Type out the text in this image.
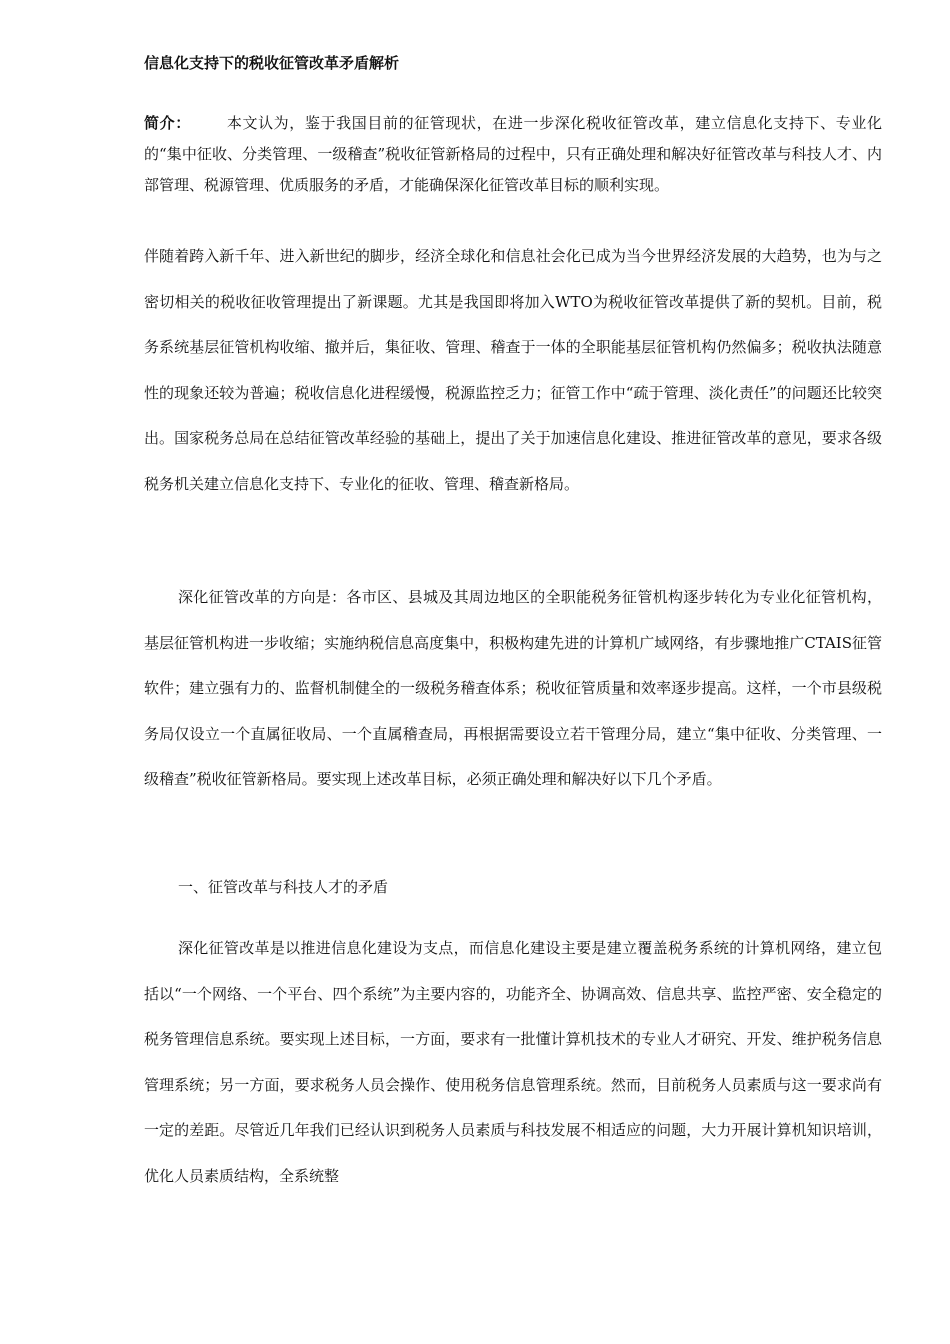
信息化支持下的税收征管改革矛盾解析

简介： 本文认为，鉴于我国目前的征管现状，在进一步深化税收征管改革，建立信息化支持下、专业化的“集中征收、分类管理、一级稽查”税收征管新格局的过程中，只有正确处理和解决好征管改革与科技人才、内部管理、税源管理、优质服务的矛盾，才能确保深化征管改革目标的顺利实现。

伴随着跨入新千年、进入新世纪的脚步，经济全球化和信息社会化已成为当今世界经济发展的大趋势，也为与之密切相关的税收征收管理提出了新课题。尤其是我国即将加入WTO为税收征管改革提供了新的契机。目前，税务系统基层征管机构收缩、撤并后，集征收、管理、稽查于一体的全职能基层征管机构仍然偏多；税收执法随意性的现象还较为普遍；税收信息化进程缓慢，税源监控乏力；征管工作中“疏于管理、淡化责任”的问题还比较突出。国家税务总局在总结征管改革经验的基础上，提出了关于加速信息化建设、推进征管改革的意见，要求各级税务机关建立信息化支持下、专业化的征收、管理、稽查新格局。

深化征管改革的方向是：各市区、县城及其周边地区的全职能税务征管机构逐步转化为专业化征管机构，基层征管机构进一步收缩；实施纳税信息高度集中，积极构建先进的计算机广域网络，有步骤地推广CTAIS征管软件；建立强有力的、监督机制健全的一级税务稽查体系；税收征管质量和效率逐步提高。这样，一个市县级税务局仅设立一个直属征收局、一个直属稽查局，再根据需要设立若干管理分局，建立“集中征收、分类管理、一级稽查”税收征管新格局。要实现上述改革目标，必须正确处理和解决好以下几个矛盾。

一、征管改革与科技人才的矛盾

深化征管改革是以推进信息化建设为支点，而信息化建设主要是建立覆盖税务系统的计算机网络，建立包括以“一个网络、一个平台、四个系统”为主要内容的，功能齐全、协调高效、信息共享、监控严密、安全稳定的税务管理信息系统。要实现上述目标，一方面，要求有一批懂计算机技术的专业人才研究、开发、维护税务信息管理系统；另一方面，要求税务人员会操作、使用税务信息管理系统。然而，目前税务人员素质与这一要求尚有一定的差距。尽管近几年我们已经认识到税务人员素质与科技发展不相适应的问题，大力开展计算机知识培训，优化人员素质结构，全系统整
